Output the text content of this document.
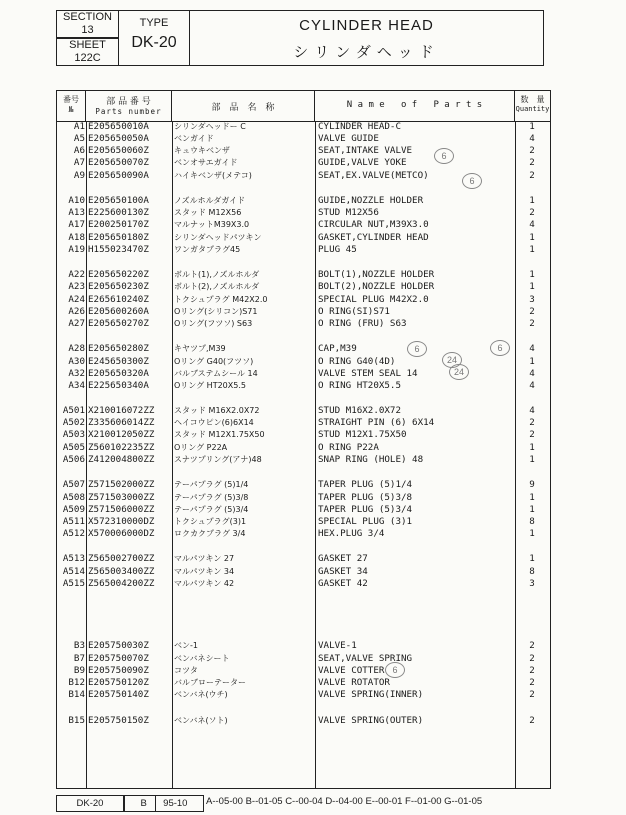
SECTION
13
SHEET
122C
TYPE
DK-20
CYLINDER HEAD
シリンダヘッド
番号
№
部 品 番 号
Parts number	部　品　名　称	N a m e   o f   P a r t s
数　量
Quantity
A1 E205650010A	シリンダヘッドー C	CYLINDER HEAD-C	1
A5 E205650050A	ベンガイド	VALVE GUIDE	4
A6 E205650060Z	キュウキベンザ	SEAT,INTAKE VALVE	2
A7 E205650070Z	ベンオサエガイド	GUIDE,VALVE YOKE	2
A9 E205650090A	ハイキベンザ(メテコ)	SEAT,EX.VALVE(METCO)	2
A10 E205650100A	ノズルホルダガイド	GUIDE,NOZZLE HOLDER	1
A13 E225600130Z	スタッド M12X56	STUD M12X56	2
A17 E200250170Z	マルナットM39X3.0	CIRCULAR NUT,M39X3.0	4
A18 E205650180Z	シリンダヘッドパツキン	GASKET,CYLINDER HEAD	1
A19 H155023470Z	ワンガタプラグ45	PLUG 45	1
A22 E205650220Z	ボルト(1),ノズルホルダ	BOLT(1),NOZZLE HOLDER	1
A23 E205650230Z	ボルト(2),ノズルホルダ	BOLT(2),NOZZLE HOLDER	1
A24 E265610240Z	トクシュプラグ M42X2.0	SPECIAL PLUG M42X2.0	3
A26 E205600260A	Oリング(シリコン)S71	O RING(SI)S71	2
A27 E205650270Z	Oリング(フツソ) S63	O RING (FRU) S63	2
A28 E205650280Z	キヤツプ,M39	CAP,M39	4
A30 E245650300Z	Oリング G40(フツソ)	O RING G40(4D)	1
A32 E205650320A	バルブステムシール 14	VALVE STEM SEAL 14	4
A34 E225650340A	Oリング HT20X5.5	O RING HT20X5.5	4
A501 X210016072ZZ スタッド M16X2.0X72	STUD M16X2.0X72	4
A502 Z335606014ZZ ヘイコウピン(6)6X14	STRAIGHT PIN (6) 6X14	2
A503 X210012050ZZ スタッド M12X1.75X50	STUD M12X1.75X50	2
A505 Z560102235ZZ Oリング P22A	O RING P22A	1
A506 Z412004800ZZ スナツプリング(アナ)48	SNAP RING (HOLE) 48	1
A507 Z571502000ZZ テーパプラグ (5)1/4	TAPER PLUG (5)1/4	9
A508 Z571503000ZZ テーパプラグ (5)3/8	TAPER PLUG (5)3/8	1
A509 Z571506000ZZ テーパプラグ (5)3/4	TAPER PLUG (5)3/4	1
A511 X572310000DZ トクシュプラグ(3)1	SPECIAL PLUG (3)1	8
A512 X570006000DZ ロクカクプラグ 3/4	HEX.PLUG 3/4	1
A513 Z565002700ZZ マルパツキン 27	GASKET 27	1
A514 Z565003400ZZ マルパツキン 34	GASKET 34	8
A515 Z565004200ZZ マルパツキン 42	GASKET 42	3
B3 E205750030Z	ベン-1	VALVE-1	2
B7 E205750070Z	ベンバネシート	SEAT,VALVE SPRING	2
B9 E205750090Z	コツタ	VALVE COTTER	2
B12 E205750120Z	バルブローテーター	VALVE ROTATOR	2
B14 E205750140Z	ベンバネ(ウチ)	VALVE SPRING(INNER)	2
B15 E205750150Z	ベンバネ(ソト)	VALVE SPRING(OUTER)	2
6
6
6
24
24
6
6
DK-20	B 95-10	A--05-00 B--01-05 C--00-04 D--04-00 E--00-01 F--01-00 G--01-05
